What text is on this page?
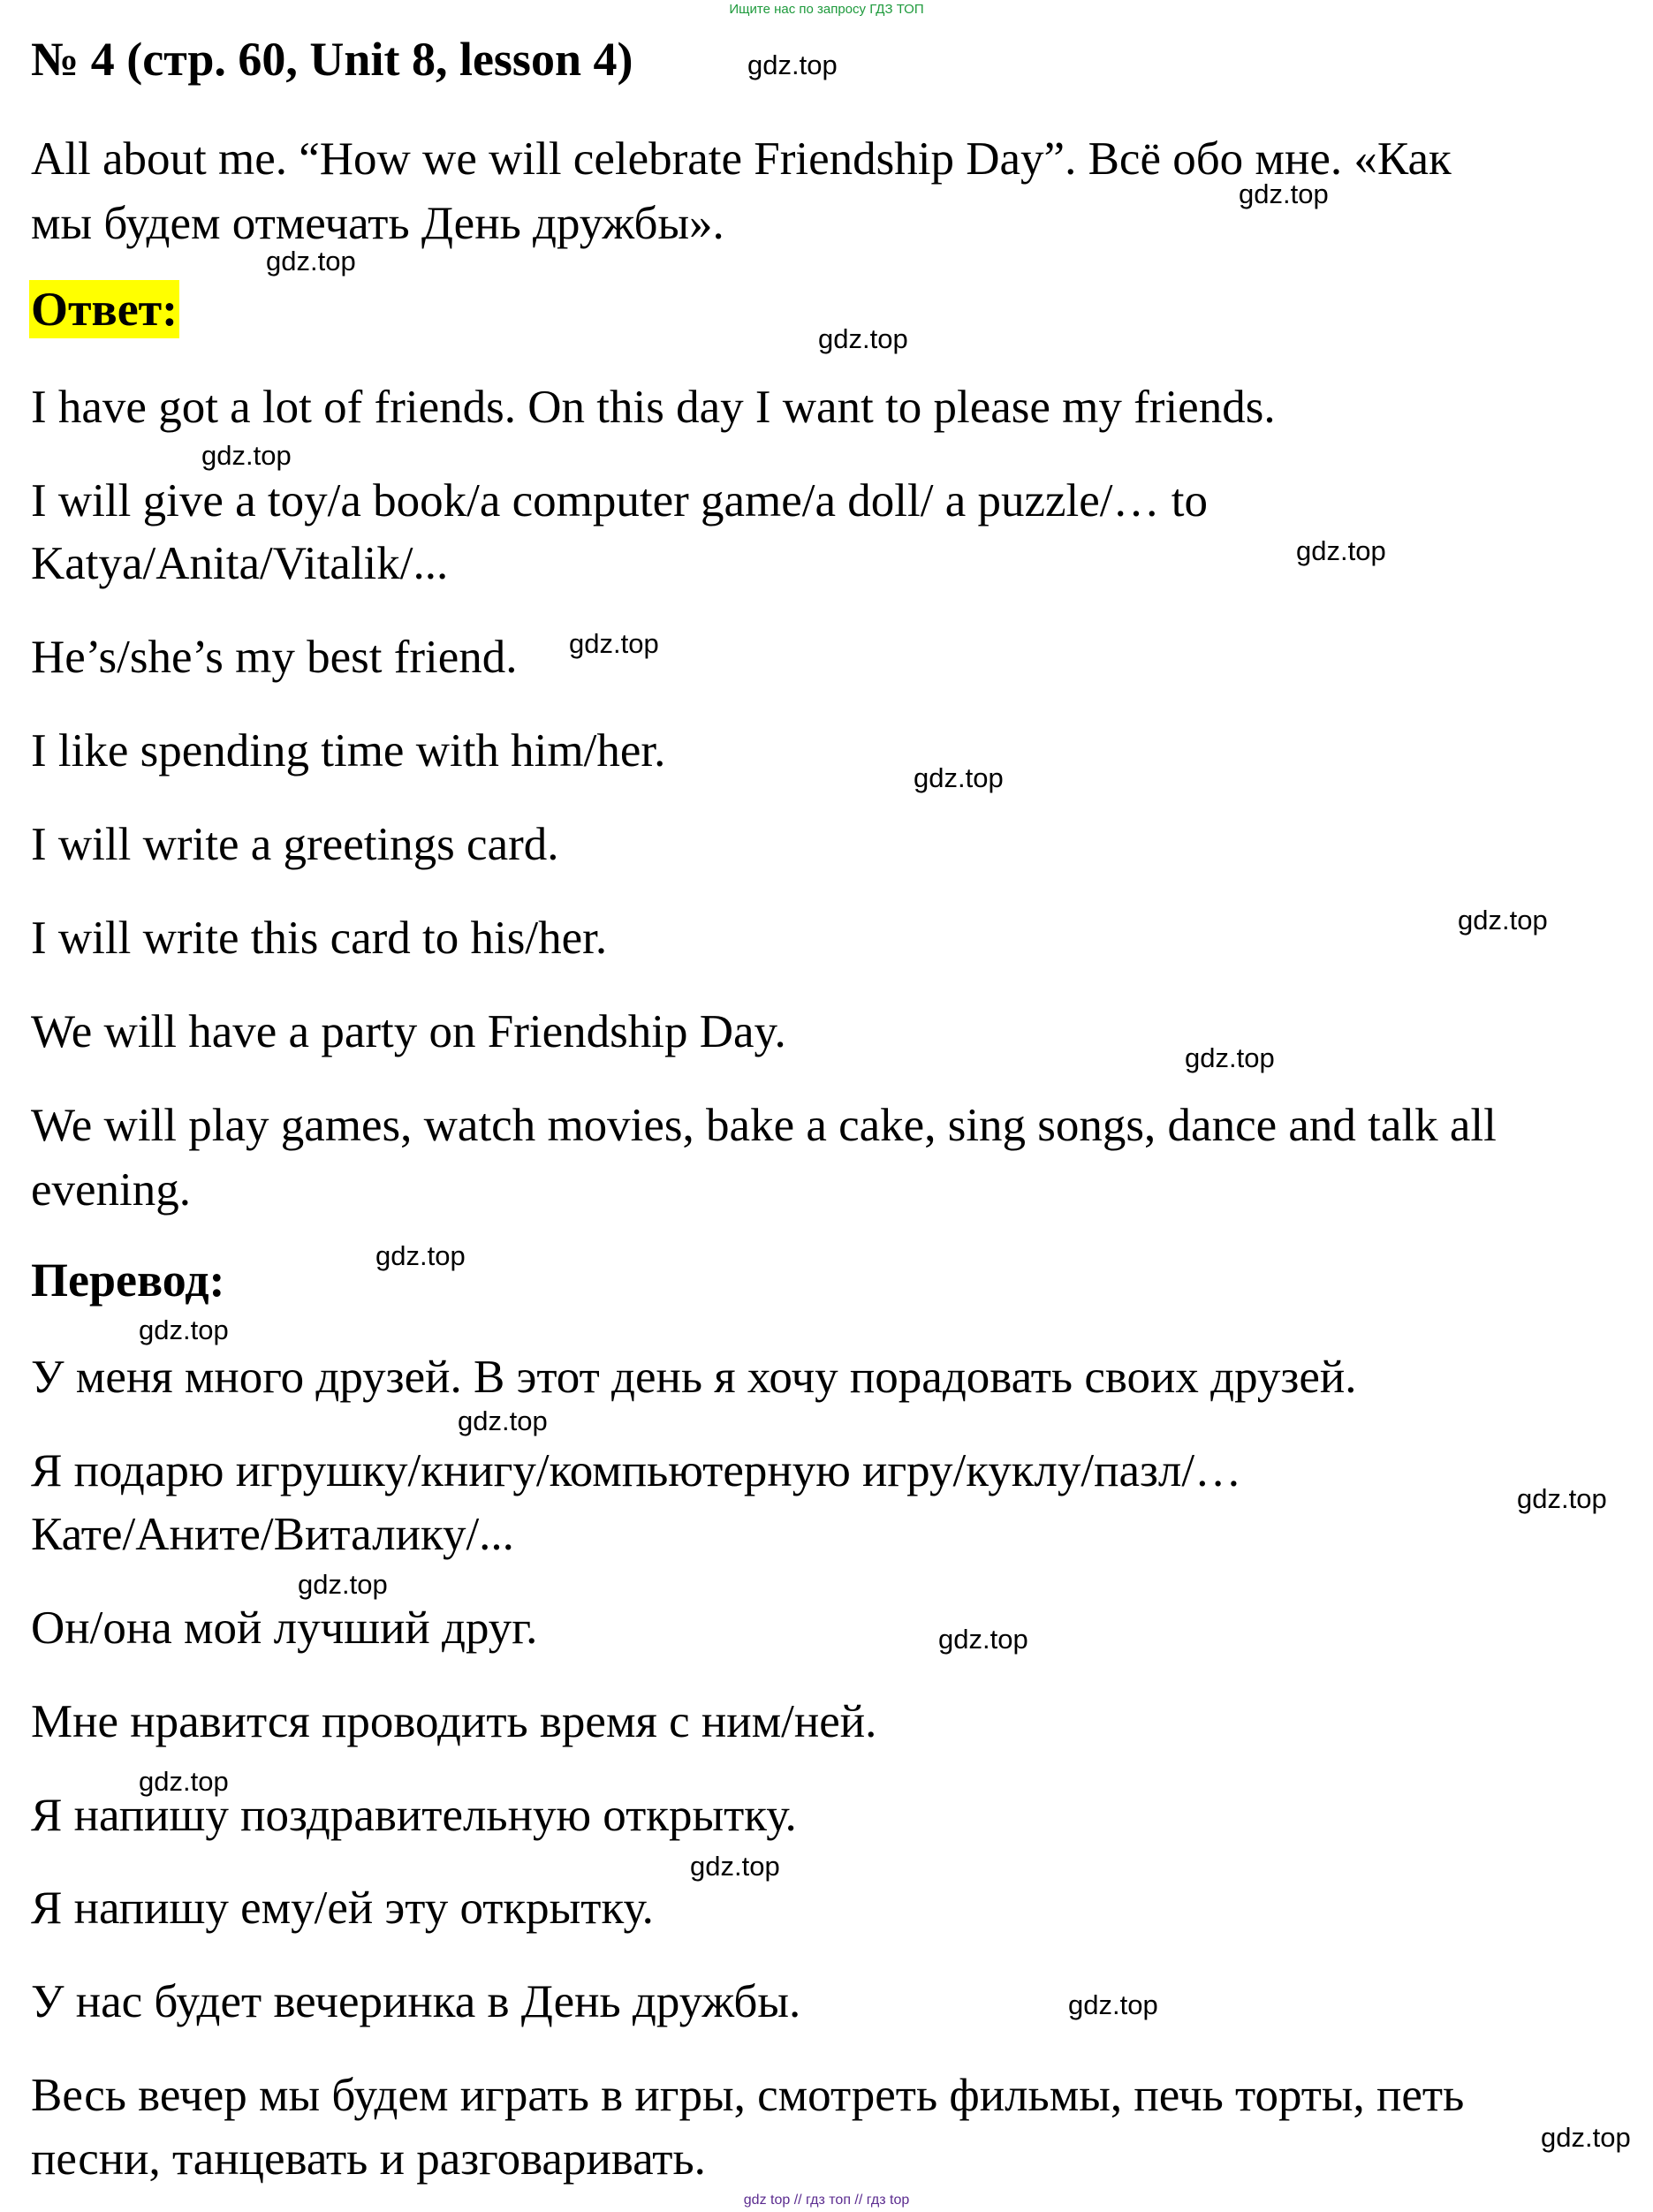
Ищите нас по запросу ГДЗ ТОП
№ 4 (стр. 60, Unit 8, lesson 4)
All about me. “How we will celebrate Friendship Day”. Всё обо мне. «Как
мы будем отмечать День дружбы».
Ответ:
I have got a lot of friends. On this day I want to please my friends.
I will give a toy/a book/a computer game/a doll/ a puzzle/… to
Katya/Anita/Vitalik/...
He’s/she’s my best friend.
I like spending time with him/her.
I will write a greetings card.
I will write this card to his/her.
We will have a party on Friendship Day.
We will play games, watch movies, bake a cake, sing songs, dance and talk all
evening.
Перевод:
У меня много друзей. В этот день я хочу порадовать своих друзей.
Я подарю игрушку/книгу/компьютерную игру/куклу/пазл/…
Кате/Аните/Виталику/...
Он/она мой лучший друг.
Мне нравится проводить время с ним/ней.
Я напишу поздравительную открытку.
Я напишу ему/ей эту открытку.
У нас будет вечеринка в День дружбы.
Весь вечер мы будем играть в игры, смотреть фильмы, печь торты, петь
песни, танцевать и разговаривать.
gdz.top
gdz.top
gdz.top
gdz.top
gdz.top
gdz.top
gdz.top
gdz.top
gdz.top
gdz.top
gdz.top
gdz.top
gdz.top
gdz.top
gdz.top
gdz.top
gdz.top
gdz.top
gdz.top
gdz.top
gdz top // гдз топ // гдз top
